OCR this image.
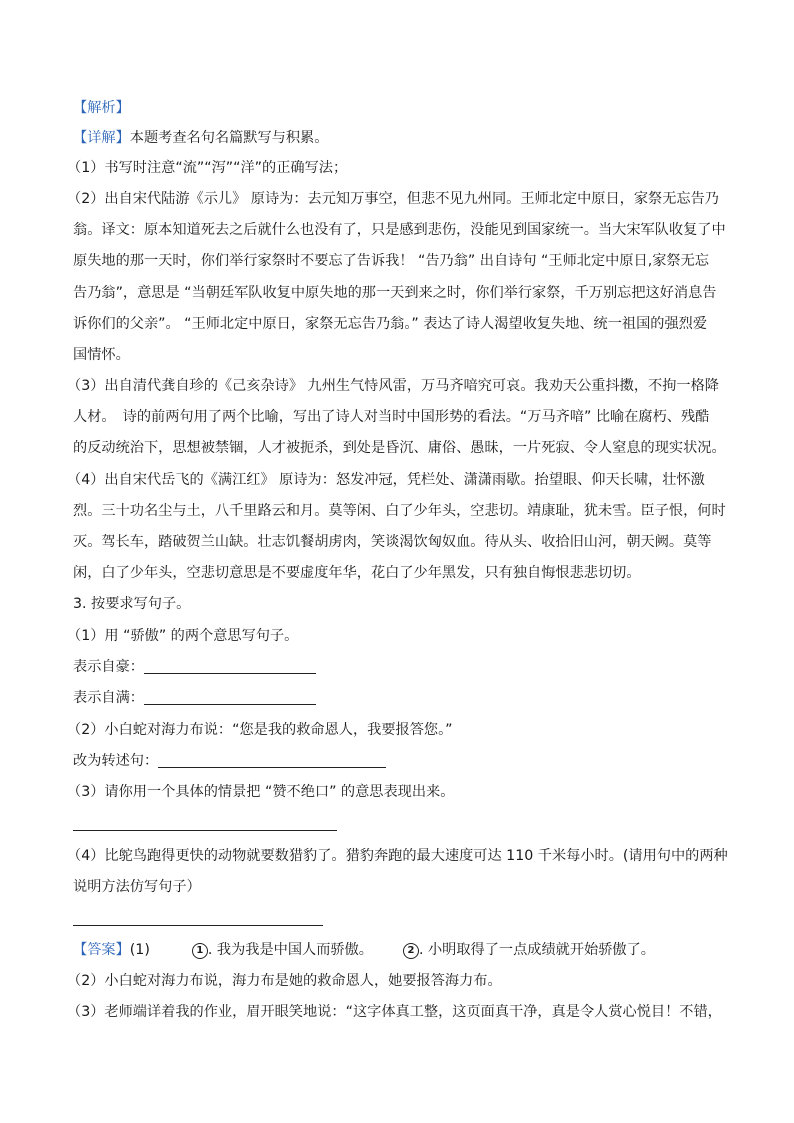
【解析】
【详解】本题考查名句名篇默写与积累。
（1）书写时注意“流”“泻”“洋”的正确写法；
（2）出自宋代陆游《示儿》 原诗为：去元知万事空，但悲不见九州同。王师北定中原日，家祭无忘告乃
翁。译文：原本知道死去之后就什么也没有了，只是感到悲伤，没能见到国家统一。当大宋军队收复了中
原失地的那一天时，你们举行家祭时不要忘了告诉我！ “告乃翁” 出自诗句 “王师北定中原日,家祭无忘
告乃翁”，意思是 “当朝廷军队收复中原失地的那一天到来之时，你们举行家祭，千万别忘把这好消息告
诉你们的父亲”。 “王师北定中原日，家祭无忘告乃翁。” 表达了诗人渴望收复失地、统一祖国的强烈爱
国情怀。
（3）出自清代龚自珍的《己亥杂诗》 九州生气恃风雷，万马齐喑究可哀。我劝天公重抖擞，不拘一格降
人材。　诗的前两句用了两个比喻，写出了诗人对当时中国形势的看法。“万马齐喑” 比喻在腐朽、残酷
的反动统治下，思想被禁锢，人才被扼杀，到处是昏沉、庸俗、愚昧，一片死寂、令人窒息的现实状况。
（4）出自宋代岳飞的《满江红》 原诗为：怒发冲冠，凭栏处、潇潇雨歇。抬望眼、仰天长啸，壮怀激
烈。三十功名尘与土，八千里路云和月。莫等闲、白了少年头，空悲切。靖康耻，犹未雪。臣子恨，何时
灭。驾长车，踏破贺兰山缺。壮志饥餐胡虏肉，笑谈渴饮匈奴血。待从头、收拾旧山河，朝天阙。莫等
闲，白了少年头，空悲切意思是不要虚度年华，花白了少年黑发，只有独自悔恨悲悲切切。
3. 按要求写句子。
（1）用 “骄傲” 的两个意思写句子。
表示自豪：
表示自满：
（2）小白蛇对海力布说：“您是我的救命恩人，我要报答您。”
改为转述句：
（3）请你用一个具体的情景把 “赞不绝口” 的意思表现出来。
（4）比鸵鸟跑得更快的动物就要数猎豹了。猎豹奔跑的最大速度可达 110 千米每小时。(请用句中的两种
说明方法仿写句子）
【答案】(1)	1 . 我为我是中国人而骄傲。	2 . 小明取得了一点成绩就开始骄傲了。
（2）小白蛇对海力布说，海力布是她的救命恩人，她要报答海力布。
（3）老师端详着我的作业，眉开眼笑地说：“这字体真工整，这页面真干净，真是令人赏心悦目！不错，
